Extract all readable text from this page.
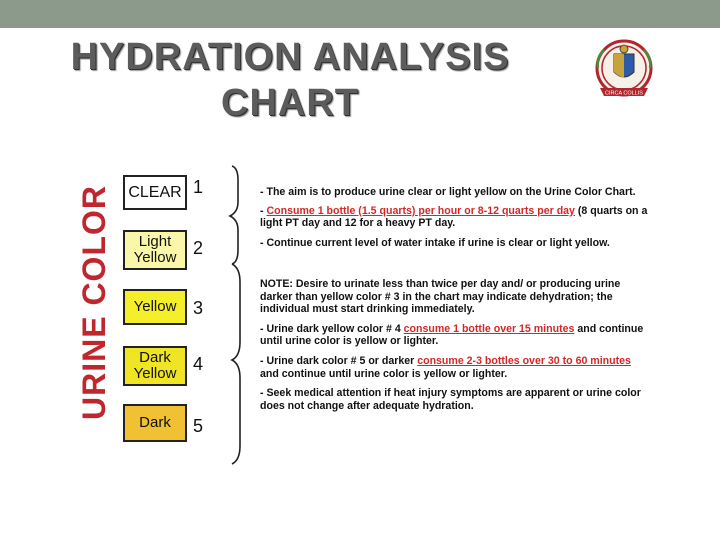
HYDRATION ANALYSIS
CHART	CIRCA COLLIS
URINE COLOR CLEAR 1
Light
Yellow 2
Yellow 3
Dark
Yellow 4
Dark 5

- The aim is to produce urine clear or light yellow on the Urine Color Chart.

- Consume 1 bottle (1.5 quarts) per hour or 8-12 quarts per day (8 quarts on a light PT day and 12 for a heavy PT day.

- Continue current level of water intake if urine is clear or light yellow.

NOTE: Desire to urinate less than twice per day and/ or producing urine darker than yellow color # 3 in the chart may indicate dehydration; the individual must start drinking immediately.

- Urine dark yellow color # 4 consume 1 bottle over 15 minutes and continue until urine color is yellow or lighter.

- Urine dark color # 5 or darker consume 2-3 bottles over 30 to 60 minutes and continue until urine color is yellow or lighter.

- Seek medical attention if heat injury symptoms are apparent or urine color does not change after adequate hydration.
